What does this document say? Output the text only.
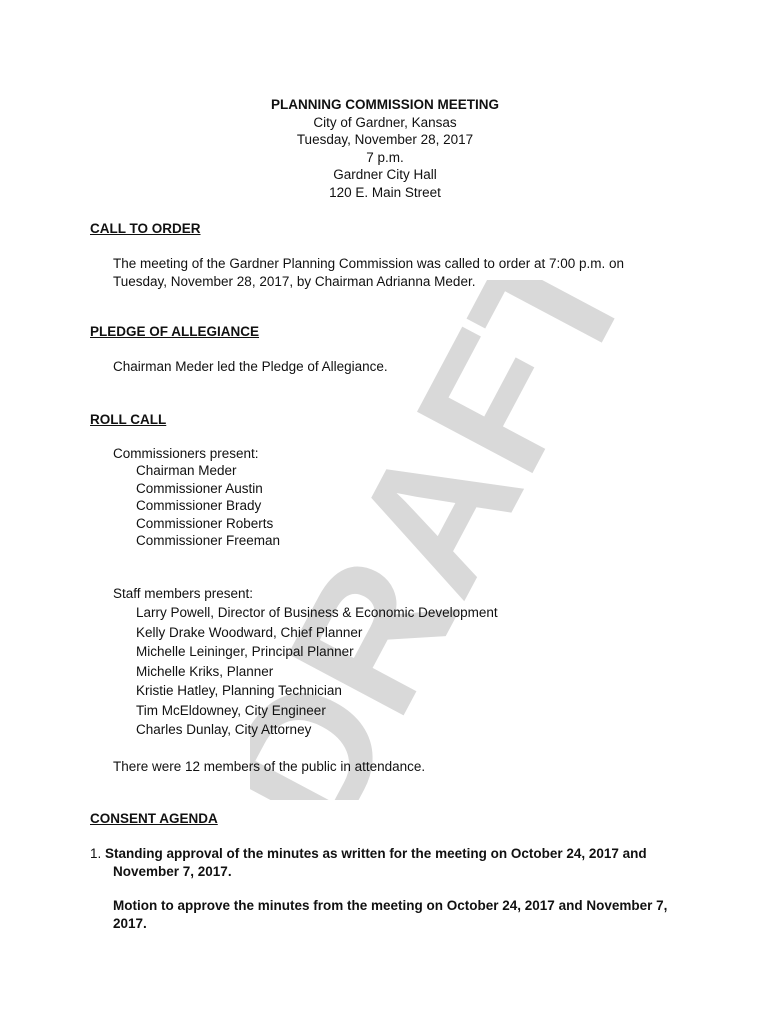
DRAFT
PLANNING COMMISSION MEETING
City of Gardner, Kansas
Tuesday, November 28, 2017
7 p.m.
Gardner City Hall
120 E. Main Street
CALL TO ORDER
The meeting of the Gardner Planning Commission was called to order at 7:00 p.m. on Tuesday, November 28, 2017, by Chairman Adrianna Meder.
PLEDGE OF ALLEGIANCE
Chairman Meder led the Pledge of Allegiance.
ROLL CALL
Commissioners present:
Chairman Meder
Commissioner Austin
Commissioner Brady
Commissioner Roberts
Commissioner Freeman
Staff members present:
Larry Powell, Director of Business & Economic Development
Kelly Drake Woodward, Chief Planner
Michelle Leininger, Principal Planner
Michelle Kriks, Planner
Kristie Hatley, Planning Technician
Tim McEldowney, City Engineer
Charles Dunlay, City Attorney
There were 12 members of the public in attendance.
CONSENT AGENDA
1. Standing approval of the minutes as written for the meeting on October 24, 2017 and
November 7, 2017.
Motion to approve the minutes from the meeting on October 24, 2017 and November 7, 2017.
